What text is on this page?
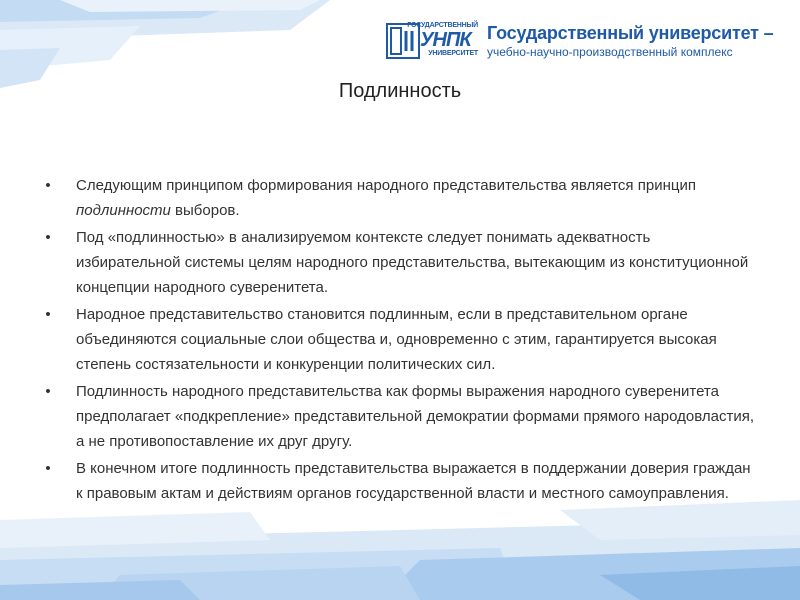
ГОСУДАРСТВЕННЫЙ
УНПК
УНИВЕРСИТЕТ
Государственный университет –
учебно-научно-производственный комплекс
Подлинность
•	Следующим принципом формирования народного представительства является принцип подлинности выборов.
•	Под «подлинностью» в анализируемом контексте следует понимать адекватность избирательной системы целям народного представительства, вытекающим из конституционной концепции народного суверенитета.
•	Народное представительство становится подлинным, если в представительном органе объединяются социальные слои общества и, одновременно с этим, гарантируется высокая степень состязательности и конкуренции политических сил.
•	Подлинность народного представительства как формы выражения народного суверенитета предполагает «подкрепление» представительной демократии формами прямого народовластия, а не противопоставление их друг другу.
•	В конечном итоге подлинность представительства выражается в поддержании доверия граждан к правовым актам и действиям органов государственной власти и местного самоуправления.
